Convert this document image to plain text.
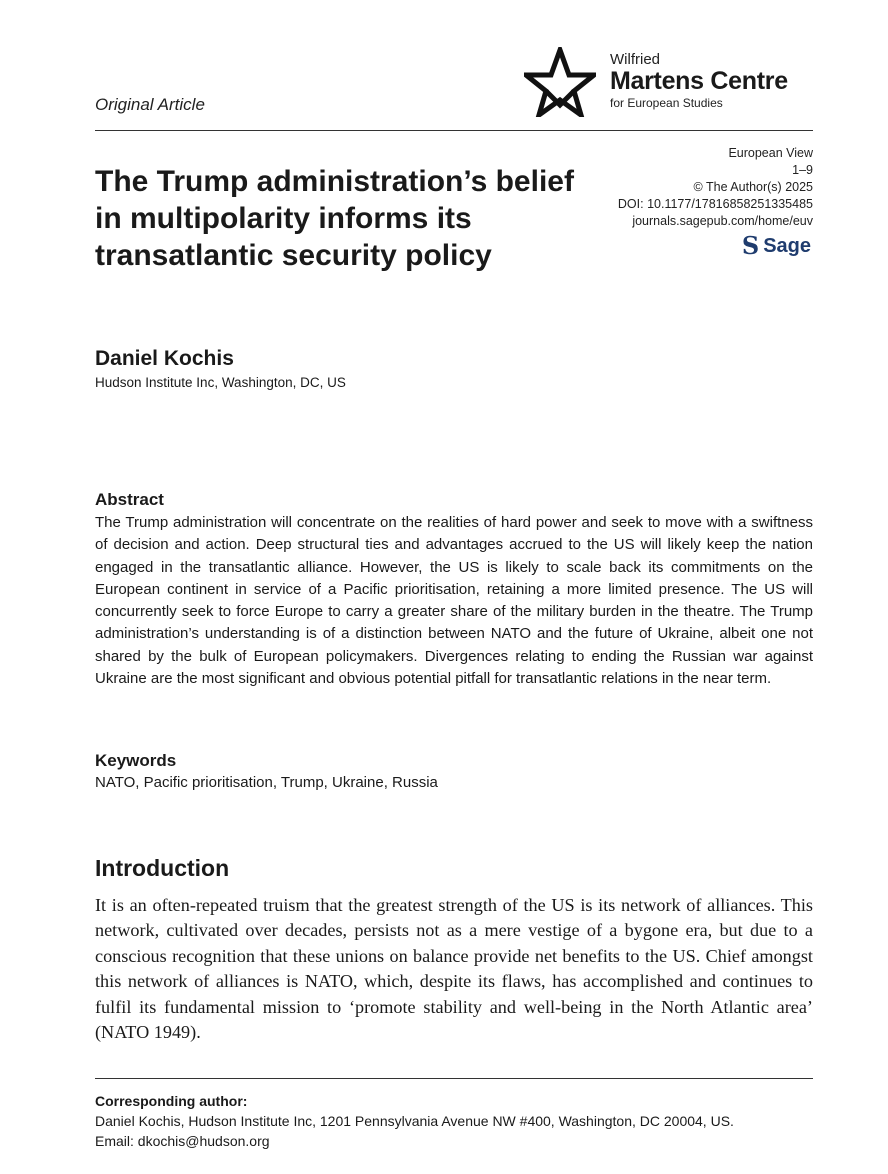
Original Article
Wilfried
Martens Centre
for European Studies
The Trump administration’s belief in multipolarity informs its transatlantic security policy
European View
1–9
© The Author(s) 2025
DOI: 10.1177/17816858251335485
journals.sagepub.com/home/euv
S Sage
Daniel Kochis
Hudson Institute Inc, Washington, DC, US
Abstract

The Trump administration will concentrate on the realities of hard power and seek to move with a swiftness of decision and action. Deep structural ties and advantages accrued to the US will likely keep the nation engaged in the transatlantic alliance. However, the US is likely to scale back its commitments on the European continent in service of a Pacific prioritisation, retaining a more limited presence. The US will concurrently seek to force Europe to carry a greater share of the military burden in the theatre. The Trump administration’s understanding is of a distinction between NATO and the future of Ukraine, albeit one not shared by the bulk of European policymakers. Divergences relating to ending the Russian war against Ukraine are the most significant and obvious potential pitfall for transatlantic relations in the near term.

Keywords
NATO, Pacific prioritisation, Trump, Ukraine, Russia
Introduction

It is an often-repeated truism that the greatest strength of the US is its network of alliances. This network, cultivated over decades, persists not as a mere vestige of a bygone era, but due to a conscious recognition that these unions on balance provide net benefits to the US. Chief amongst this network of alliances is NATO, which, despite its flaws, has accomplished and continues to fulfil its fundamental mission to ‘promote stability and well-being in the North Atlantic area’ (NATO 1949).

Corresponding author:
Daniel Kochis, Hudson Institute Inc, 1201 Pennsylvania Avenue NW #400, Washington, DC 20004, US.
Email: dkochis@hudson.org
